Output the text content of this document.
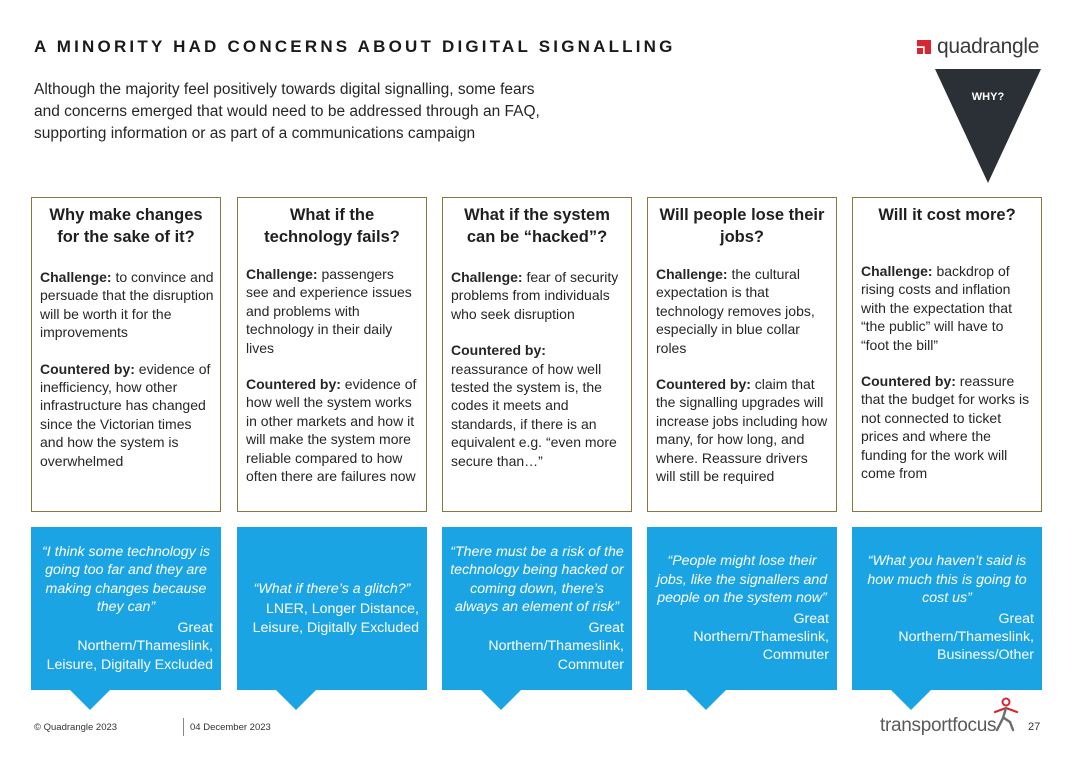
A MINORITY HAD CONCERNS ABOUT DIGITAL SIGNALLING
Although the majority feel positively towards digital signalling, some fears and concerns emerged that would need to be addressed through an FAQ, supporting information or as part of a communications campaign
quadrangle
WHY?
Why make changes for the sake of it?

Challenge: to convince and persuade that the disruption will be worth it for the improvements

Countered by: evidence of inefficiency, how other infrastructure has changed since the Victorian times and how the system is overwhelmed

What if the technology fails?

Challenge: passengers see and experience issues and problems with technology in their daily lives

Countered by: evidence of how well the system works in other markets and how it will make the system more reliable compared to how often there are failures now

What if the system can be “hacked”?

Challenge: fear of security problems from individuals who seek disruption

Countered by: reassurance of how well tested the system is, the codes it meets and standards, if there is an equivalent e.g. “even more secure than…”

Will people lose their jobs?

Challenge: the cultural expectation is that technology removes jobs, especially in blue collar roles

Countered by: claim that the signalling upgrades will increase jobs including how many, for how long, and where. Reassure drivers will still be required

Will it cost more?

Challenge: backdrop of rising costs and inflation with the expectation that “the public” will have to “foot the bill”

Countered by: reassure that the budget for works is not connected to ticket prices and where the funding for the work will come from

“I think some technology is going too far and they are making changes because they can”
Great Northern/Thameslink, Leisure, Digitally Excluded
“What if there’s a glitch?”
LNER, Longer Distance, Leisure, Digitally Excluded
“There must be a risk of the technology being hacked or coming down, there’s always an element of risk”
Great Northern/Thameslink, Commuter
“People might lose their jobs, like the signallers and people on the system now”
Great Northern/Thameslink, Commuter
“What you haven’t said is how much this is going to cost us”
Great Northern/Thameslink, Business/Other
© Quadrangle 2023	04 December 2023	transportfocus	27
